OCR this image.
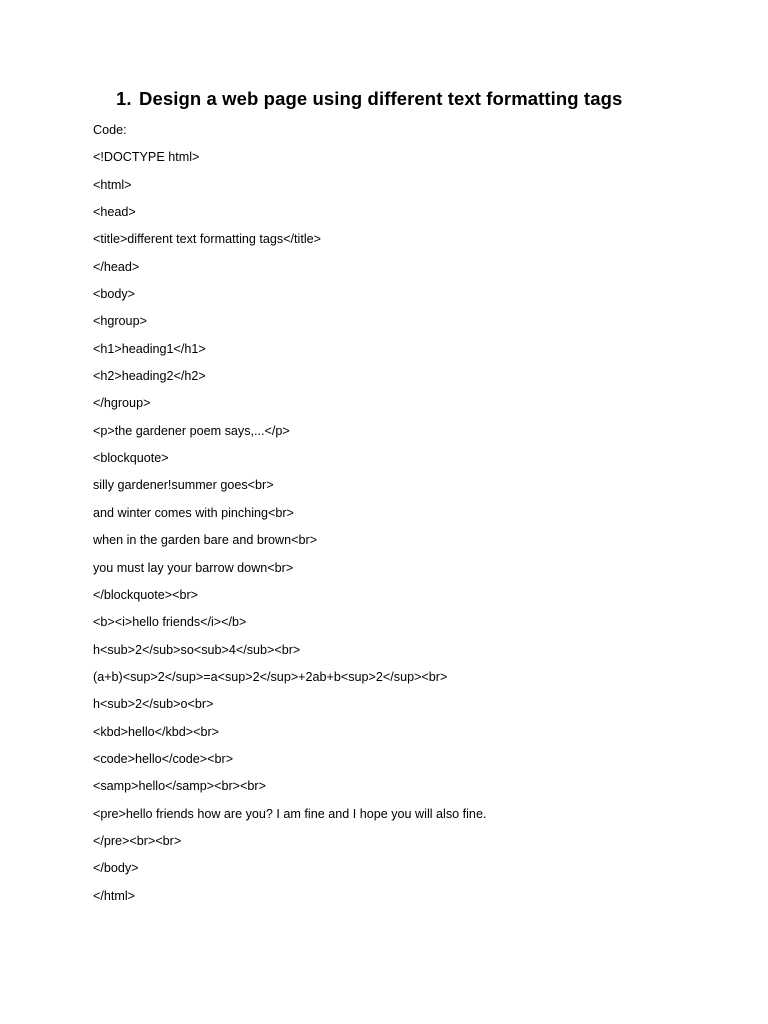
1. Design a web page using different text formatting tags
Code:
<!DOCTYPE html>
<html>
<head>
<title>different text formatting tags</title>
</head>
<body>
<hgroup>
<h1>heading1</h1>
<h2>heading2</h2>
</hgroup>
<p>the gardener poem says,...</p>
<blockquote>
silly gardener!summer goes<br>
and winter comes with pinching<br>
when in the garden bare and brown<br>
you must lay your barrow down<br>
</blockquote><br>
<b><i>hello friends</i></b>
h<sub>2</sub>so<sub>4</sub><br>
(a+b)<sup>2</sup>=a<sup>2</sup>+2ab+b<sup>2</sup><br>
h<sub>2</sub>o<br>
<kbd>hello</kbd><br>
<code>hello</code><br>
<samp>hello</samp><br><br>
<pre>hello friends how are you? I am fine and I hope you will also fine.
</pre><br><br>
</body>
</html>
